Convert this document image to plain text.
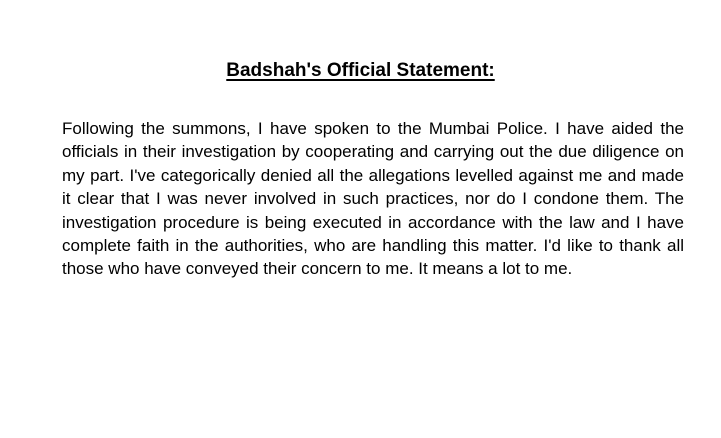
Badshah's Official Statement:

Following the summons, I have spoken to the Mumbai Police. I have aided the officials in their investigation by cooperating and carrying out the due diligence on my part. I've categorically denied all the allegations levelled against me and made it clear that I was never involved in such practices, nor do I condone them. The investigation procedure is being executed in accordance with the law and I have complete faith in the authorities, who are handling this matter. I'd like to thank all those who have conveyed their concern to me. It means a lot to me.
